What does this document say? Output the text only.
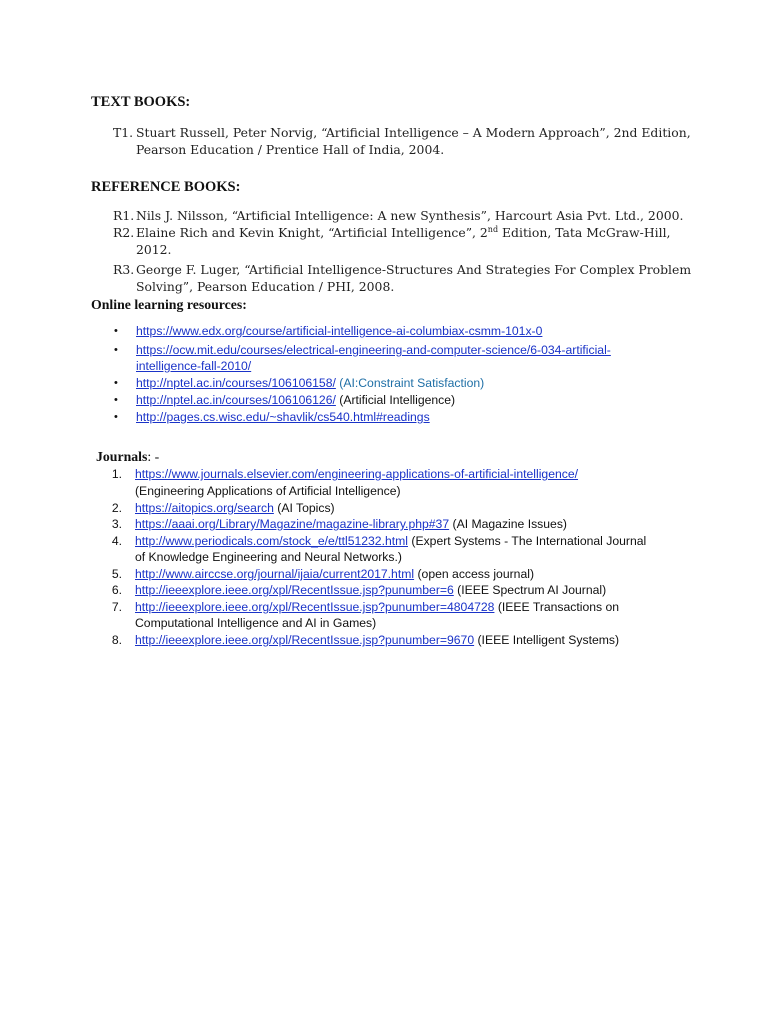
TEXT BOOKS:
T1. Stuart Russell, Peter Norvig, “Artificial Intelligence – A Modern Approach”, 2nd Edition,
Pearson Education / Prentice Hall of India, 2004.
REFERENCE BOOKS:
R1. Nils J. Nilsson, “Artificial Intelligence: A new Synthesis”, Harcourt Asia Pvt. Ltd., 2000.
R2. Elaine Rich and Kevin Knight, “Artificial Intelligence”, 2nd Edition, Tata McGraw-Hill,
2012.
R3. George F. Luger, “Artificial Intelligence-Structures And Strategies For Complex Problem
Solving”, Pearson Education / PHI, 2008.
Online learning resources:
• https://www.edx.org/course/artificial-intelligence-ai-columbiax-csmm-101x-0
• https://ocw.mit.edu/courses/electrical-engineering-and-computer-science/6-034-artificial-
intelligence-fall-2010/
• http://nptel.ac.in/courses/106106158/ (AI:Constraint Satisfaction)
• http://nptel.ac.in/courses/106106126/ (Artificial Intelligence)
• http://pages.cs.wisc.edu/~shavlik/cs540.html#readings
Journals: -
1. https://www.journals.elsevier.com/engineering-applications-of-artificial-intelligence/
(Engineering Applications of Artificial Intelligence)
2. https://aitopics.org/search (AI Topics)
3. https://aaai.org/Library/Magazine/magazine-library.php#37 (AI Magazine Issues)
4. http://www.periodicals.com/stock_e/e/ttl51232.html (Expert Systems - The International Journal
of Knowledge Engineering and Neural Networks.)
5. http://www.airccse.org/journal/ijaia/current2017.html (open access journal)
6. http://ieeexplore.ieee.org/xpl/RecentIssue.jsp?punumber=6 (IEEE Spectrum AI Journal)
7. http://ieeexplore.ieee.org/xpl/RecentIssue.jsp?punumber=4804728 (IEEE Transactions on
Computational Intelligence and AI in Games)
8. http://ieeexplore.ieee.org/xpl/RecentIssue.jsp?punumber=9670 (IEEE Intelligent Systems)
